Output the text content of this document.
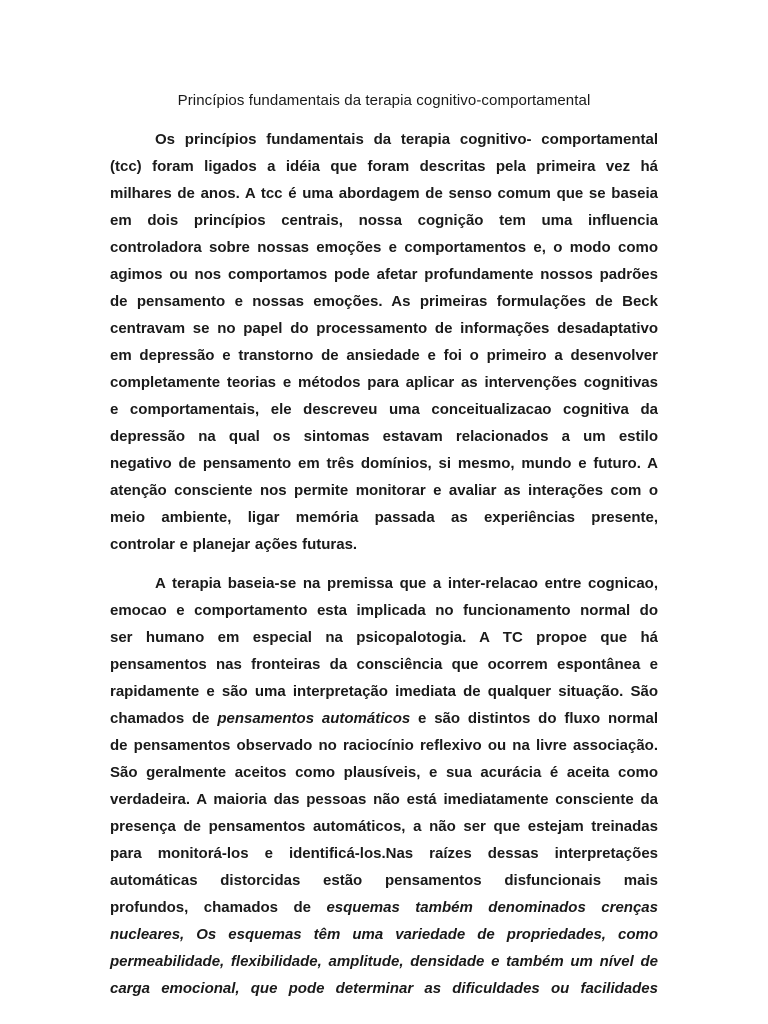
Princípios fundamentais da terapia cognitivo-comportamental
Os princípios fundamentais da terapia cognitivo- comportamental
(tcc) foram ligados a idéia que foram descritas pela primeira vez há
milhares de anos. A tcc é uma abordagem de senso comum que se baseia
em dois princípios centrais, nossa cognição tem uma influencia
controladora sobre nossas emoções e comportamentos e, o modo como
agimos ou nos comportamos pode afetar profundamente nossos padrões
de pensamento e nossas emoções. As primeiras formulações de Beck
centravam se no papel do processamento de informações desadaptativo
em depressão e transtorno de ansiedade e foi o primeiro a desenvolver
completamente teorias e métodos para aplicar as intervenções cognitivas
e comportamentais, ele descreveu uma conceitualizacao cognitiva da
depressão na qual os sintomas estavam relacionados a um estilo
negativo de pensamento em três domínios, si mesmo, mundo e futuro. A
atenção consciente nos permite monitorar e avaliar as interações com o
meio ambiente, ligar memória passada as experiências presente,
controlar e planejar ações futuras.
A terapia baseia-se na premissa que a inter-relacao entre cognicao,
emocao e comportamento esta implicada no funcionamento normal do
ser humano em especial na psicopalotogia. A TC propoe que há
pensamentos nas fronteiras da consciência que ocorrem espontânea e
rapidamente e são uma interpretação imediata de qualquer situação. São
chamados de pensamentos automáticos e são distintos do fluxo normal
de pensamentos observado no raciocínio reflexivo ou na livre associação.
São geralmente aceitos como plausíveis, e sua acurácia é aceita como
verdadeira. A maioria das pessoas não está imediatamente consciente da
presença de pensamentos automáticos, a não ser que estejam treinadas
para monitorá-los e identificá-los.Nas raízes dessas interpretações
automáticas distorcidas estão pensamentos disfuncionais mais
profundos, chamados de esquemas também denominados crenças
nucleares, Os esquemas têm uma variedade de propriedades, como
permeabilidade, flexibilidade, amplitude, densidade e também um nível de
carga emocional, que pode determinar as dificuldades ou facilidades
